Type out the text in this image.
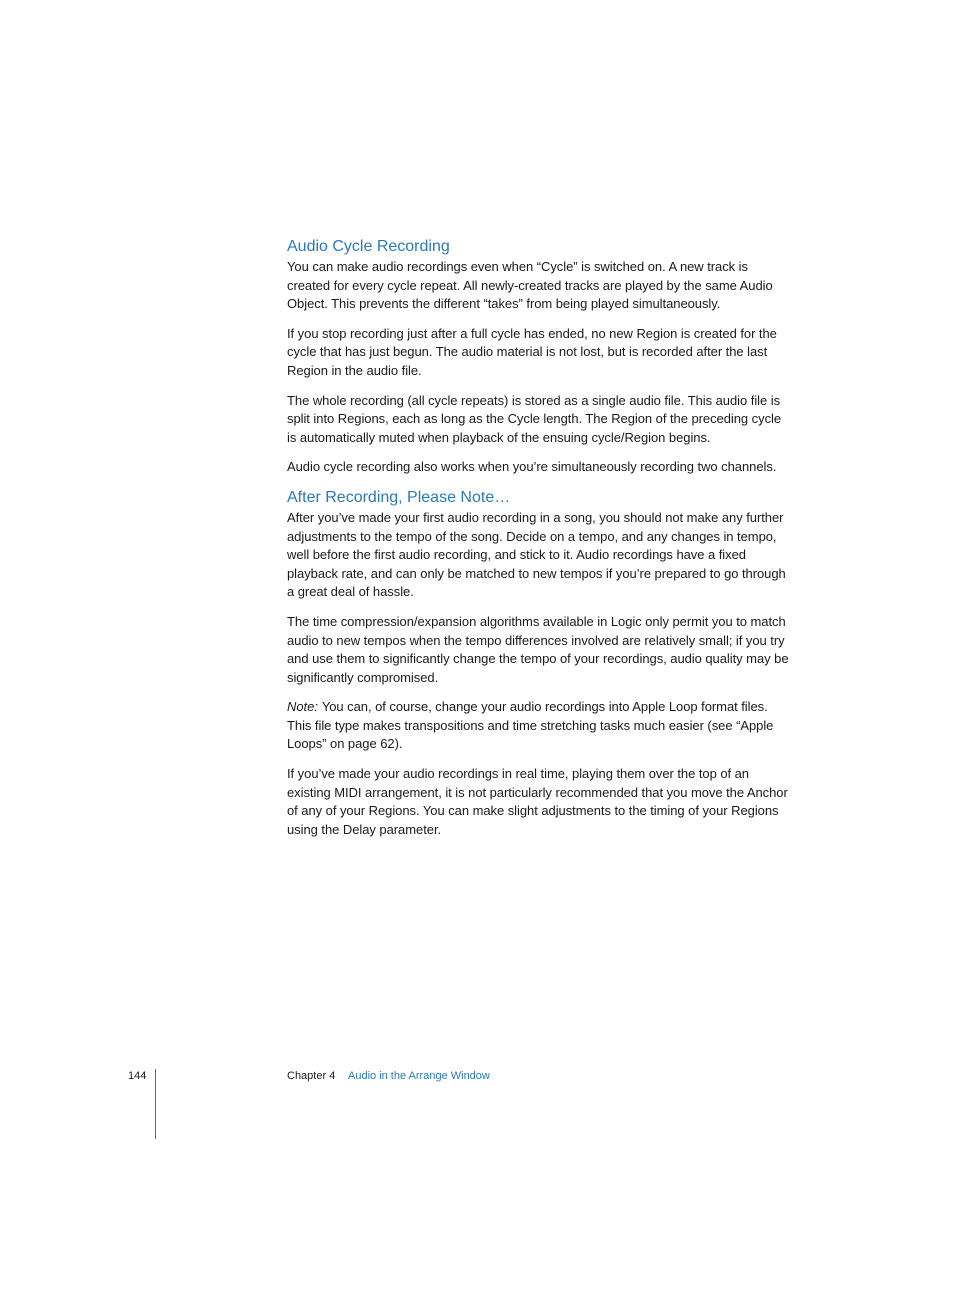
Audio Cycle Recording

You can make audio recordings even when “Cycle” is switched on. A new track is created for every cycle repeat. All newly-created tracks are played by the same Audio Object. This prevents the different “takes” from being played simultaneously.

If you stop recording just after a full cycle has ended, no new Region is created for the cycle that has just begun. The audio material is not lost, but is recorded after the last Region in the audio file.

The whole recording (all cycle repeats) is stored as a single audio file. This audio file is split into Regions, each as long as the Cycle length. The Region of the preceding cycle is automatically muted when playback of the ensuing cycle/Region begins.

Audio cycle recording also works when you’re simultaneously recording two channels.

After Recording, Please Note…

After you’ve made your first audio recording in a song, you should not make any further adjustments to the tempo of the song. Decide on a tempo, and any changes in tempo, well before the first audio recording, and stick to it. Audio recordings have a fixed playback rate, and can only be matched to new tempos if you’re prepared to go through a great deal of hassle.

The time compression/expansion algorithms available in Logic only permit you to match audio to new tempos when the tempo differences involved are relatively small; if you try and use them to significantly change the tempo of your recordings, audio quality may be significantly compromised.

Note: You can, of course, change your audio recordings into Apple Loop format files. This file type makes transpositions and time stretching tasks much easier (see “Apple Loops” on page 62).

If you’ve made your audio recordings in real time, playing them over the top of an existing MIDI arrangement, it is not particularly recommended that you move the Anchor of any of your Regions. You can make slight adjustments to the timing of your Regions using the Delay parameter.

144	Chapter 4 Audio in the Arrange Window
